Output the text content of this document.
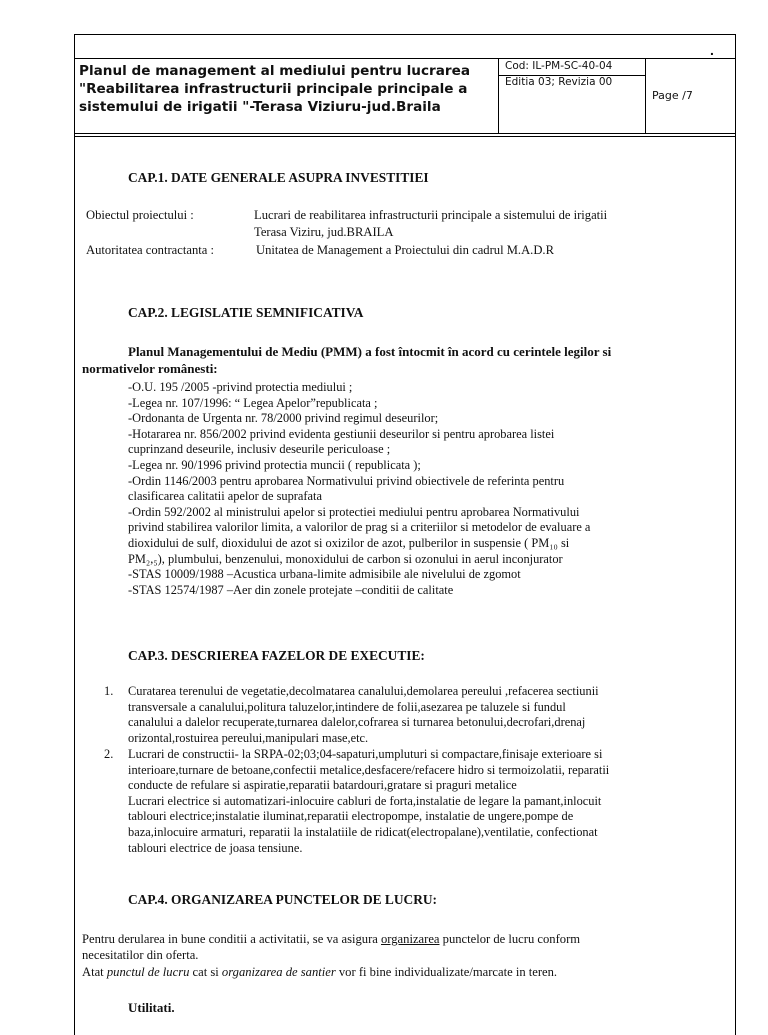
.
Planul de management al mediului pentru lucrarea "Reabilitarea infrastructurii principale principale a sistemului de irigatii "-Terasa Viziuru-jud.Braila
Cod: IL-PM-SC-40-04
Editia 03; Revizia 00
Page /7
CAP.1. DATE GENERALE ASUPRA INVESTITIEI
Obiectul proiectului :	Lucrari de reabilitarea infrastructurii principale a sistemului de irigatii
Terasa Viziru, jud.BRAILA
Autoritatea contractanta :	Unitatea de Management a Proiectului din cadrul M.A.D.R
CAP.2. LEGISLATIE SEMNIFICATIVA
Planul Managementului de Mediu (PMM) a fost întocmit în acord cu cerintele legilor si
normativelor românesti:
-O.U. 195 /2005 -privind protectia mediului ;
-Legea nr. 107/1996: “ Legea Apelor”republicata ;
-Ordonanta de Urgenta nr. 78/2000 privind regimul deseurilor;
-Hotararea nr. 856/2002 privind evidenta gestiunii deseurilor si pentru aprobarea listei
cuprinzand deseurile, inclusiv deseurile periculoase ;
-Legea nr. 90/1996 privind protectia muncii ( republicata );
-Ordin 1146/2003 pentru aprobarea Normativului privind obiectivele de referinta pentru
clasificarea calitatii apelor de suprafata
-Ordin 592/2002 al ministrului apelor si protectiei mediului pentru aprobarea Normativului
privind stabilirea valorilor limita, a valorilor de prag si a criteriilor si metodelor de evaluare a
dioxidului de sulf, dioxidului de azot si oxizilor de azot, pulberilor in suspensie ( PM₁₀ si
PM₂,₅), plumbului, benzenului, monoxidului de carbon si ozonului in aerul inconjurator
-STAS 10009/1988 –Acustica urbana-limite admisibile ale nivelului de zgomot
-STAS 12574/1987 –Aer din zonele protejate –conditii de calitate
CAP.3. DESCRIEREA FAZELOR DE EXECUTIE:
1. Curatarea terenului de vegetatie,decolmatarea canalului,demolarea pereului ,refacerea sectiunii
transversale a canalului,politura taluzelor,intindere de folii,asezarea pe taluzele si fundul
canalului a dalelor recuperate,turnarea dalelor,cofrarea si turnarea betonului,decrofari,drenaj
orizontal,rostuirea pereului,manipulari mase,etc.
2. Lucrari de constructii- la SRPA-02;03;04-sapaturi,umpluturi si compactare,finisaje exterioare si
interioare,turnare de betoane,confectii metalice,desfacere/refacere hidro si termoizolatii, reparatii
conducte de refulare si aspiratie,reparatii batardouri,gratare si praguri metalice
Lucrari electrice si automatizari-inlocuire cabluri de forta,instalatie de legare la pamant,inlocuit
tablouri electrice;instalatie iluminat,reparatii electropompe, instalatie de ungere,pompe de
baza,inlocuire armaturi, reparatii la instalatiile de ridicat(electropalane),ventilatie, confectionat
tablouri electrice de joasa tensiune.
CAP.4. ORGANIZAREA PUNCTELOR DE LUCRU:
Pentru derularea in bune conditii a activitatii, se va asigura organizarea punctelor de lucru conform
necesitatilor din oferta.
Atat punctul de lucru cat si organizarea de santier vor fi bine individualizate/marcate in teren.
Utilitati.
